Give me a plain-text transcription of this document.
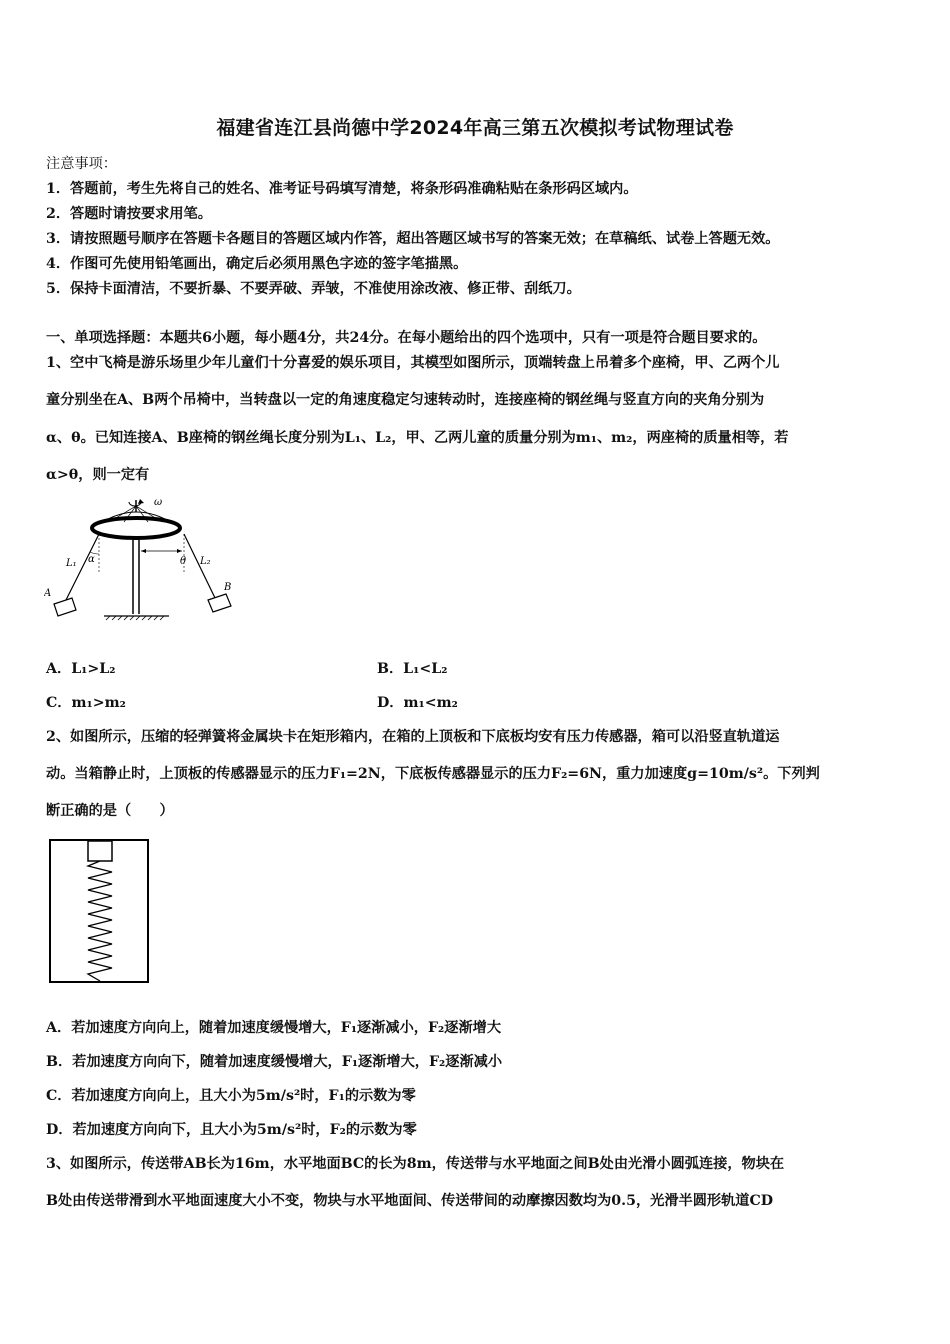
福建省连江县尚德中学2024年高三第五次模拟考试物理试卷
注意事项：
1．答题前，考生先将自己的姓名、准考证号码填写清楚，将条形码准确粘贴在条形码区域内。
2．答题时请按要求用笔。
3．请按照题号顺序在答题卡各题目的答题区域内作答，超出答题区域书写的答案无效；在草稿纸、试卷上答题无效。
4．作图可先使用铅笔画出，确定后必须用黑色字迹的签字笔描黑。
5．保持卡面清洁，不要折暴、不要弄破、弄皱，不准使用涂改液、修正带、刮纸刀。
一、单项选择题：本题共6小题，每小题4分，共24分。在每小题给出的四个选项中，只有一项是符合题目要求的。
1、空中飞椅是游乐场里少年儿童们十分喜爱的娱乐项目，其模型如图所示，顶端转盘上吊着多个座椅，甲、乙两个儿
童分别坐在A、B两个吊椅中，当转盘以一定的角速度稳定匀速转动时，连接座椅的钢丝绳与竖直方向的夹角分别为
α、θ。已知连接A、B座椅的钢丝绳长度分别为L₁、L₂，甲、乙两儿童的质量分别为m₁、m₂，两座椅的质量相等，若
α>θ，则一定有
ω
α
L₁
A
θ L₂
B
A．L₁>L₂	B．L₁<L₂
C．m₁>m₂	D．m₁<m₂
2、如图所示，压缩的轻弹簧将金属块卡在矩形箱内，在箱的上顶板和下底板均安有压力传感器，箱可以沿竖直轨道运
动。当箱静止时，上顶板的传感器显示的压力F₁=2N，下底板传感器显示的压力F₂=6N，重力加速度g=10m/s²。下列判
断正确的是（　　）
A．若加速度方向向上，随着加速度缓慢增大，F₁逐渐减小，F₂逐渐增大
B．若加速度方向向下，随着加速度缓慢增大，F₁逐渐增大，F₂逐渐减小
C．若加速度方向向上，且大小为5m/s²时，F₁的示数为零
D．若加速度方向向下，且大小为5m/s²时，F₂的示数为零
3、如图所示，传送带AB长为16m，水平地面BC的长为8m，传送带与水平地面之间B处由光滑小圆弧连接，物块在
B处由传送带滑到水平地面速度大小不变，物块与水平地面间、传送带间的动摩擦因数均为0.5，光滑半圆形轨道CD
